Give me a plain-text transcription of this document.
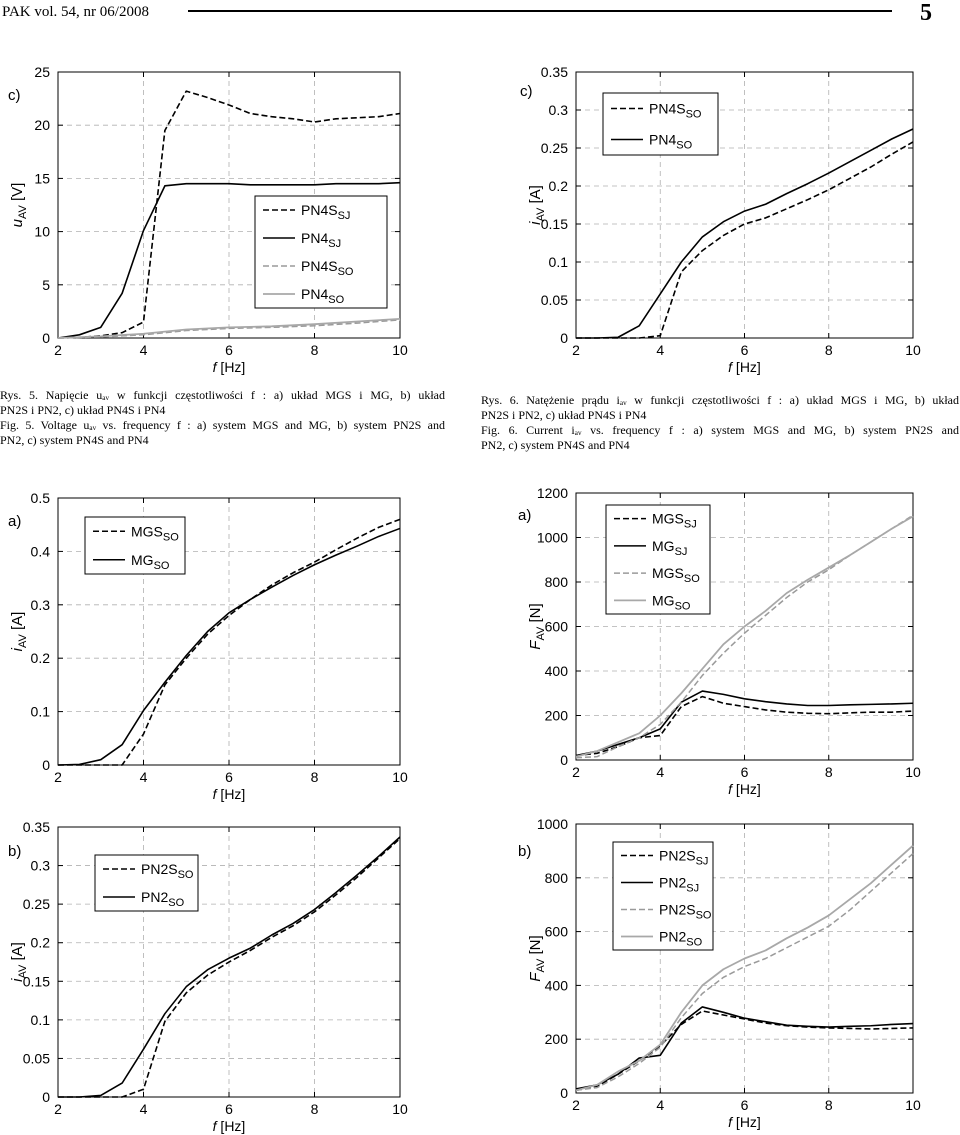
PAK vol. 54, nr 06/2008	5
2	4	6	8	10
0
5
10
15
20
25
f [Hz]
$u_{AV}$ [V]
c)
$PN4S_{SJ}$
$PN4_{SJ}$
$PN4S_{SO}$
$PN4_{SO}$
2	4	6	8	10
0
0.05
0.1
0.15
0.2
0.25
0.3
0.35
f [Hz]
$i_{AV}$ [A]
c)
$PN4S_{SO}$
$PN4_{SO}$
2	4	6	8	10
0
0.1
0.2
0.3
0.4
0.5
f [Hz]
$i_{AV}$ [A]
a)
$MGS_{SO}$
$MG_{SO}$
2	4	6	8	10
0
200
400
600
800
1000
1200
f [Hz]
$F_{AV}$ [N]
a)	$MGS_{SJ}$
$MG_{SJ}$
$MGS_{SO}$
$MG_{SO}$
2	4	6	8	10
0
0.05
0.1
0.15
0.2
0.25
0.3
0.35
f [Hz]
$i_{AV}$ [A]
b)
$PN2S_{SO}$
$PN2_{SO}$
2	4	6	8	10
0
200
400
600
800
1000
f [Hz]
$F_{AV}$ [N]
b)	$PN2S_{SJ}$
$PN2_{SJ}$
$PN2S_{SO}$
$PN2_{SO}$
Rys. 5. Napięcie uₐᵥ w funkcji częstotliwości f : a) układ MGS i MG, b) układ
PN2S i PN2, c) układ PN4S i PN4
Fig. 5. Voltage uₐᵥ vs. frequency f : a) system MGS and MG, b) system PN2S and
PN2, c) system PN4S and PN4
Rys. 6. Natężenie prądu iₐᵥ w funkcji częstotliwości f : a) układ MGS i MG, b) układ
PN2S i PN2, c) układ PN4S i PN4
Fig. 6. Current iₐᵥ vs. frequency f : a) system MGS and MG, b) system PN2S and
PN2, c) system PN4S and PN4
